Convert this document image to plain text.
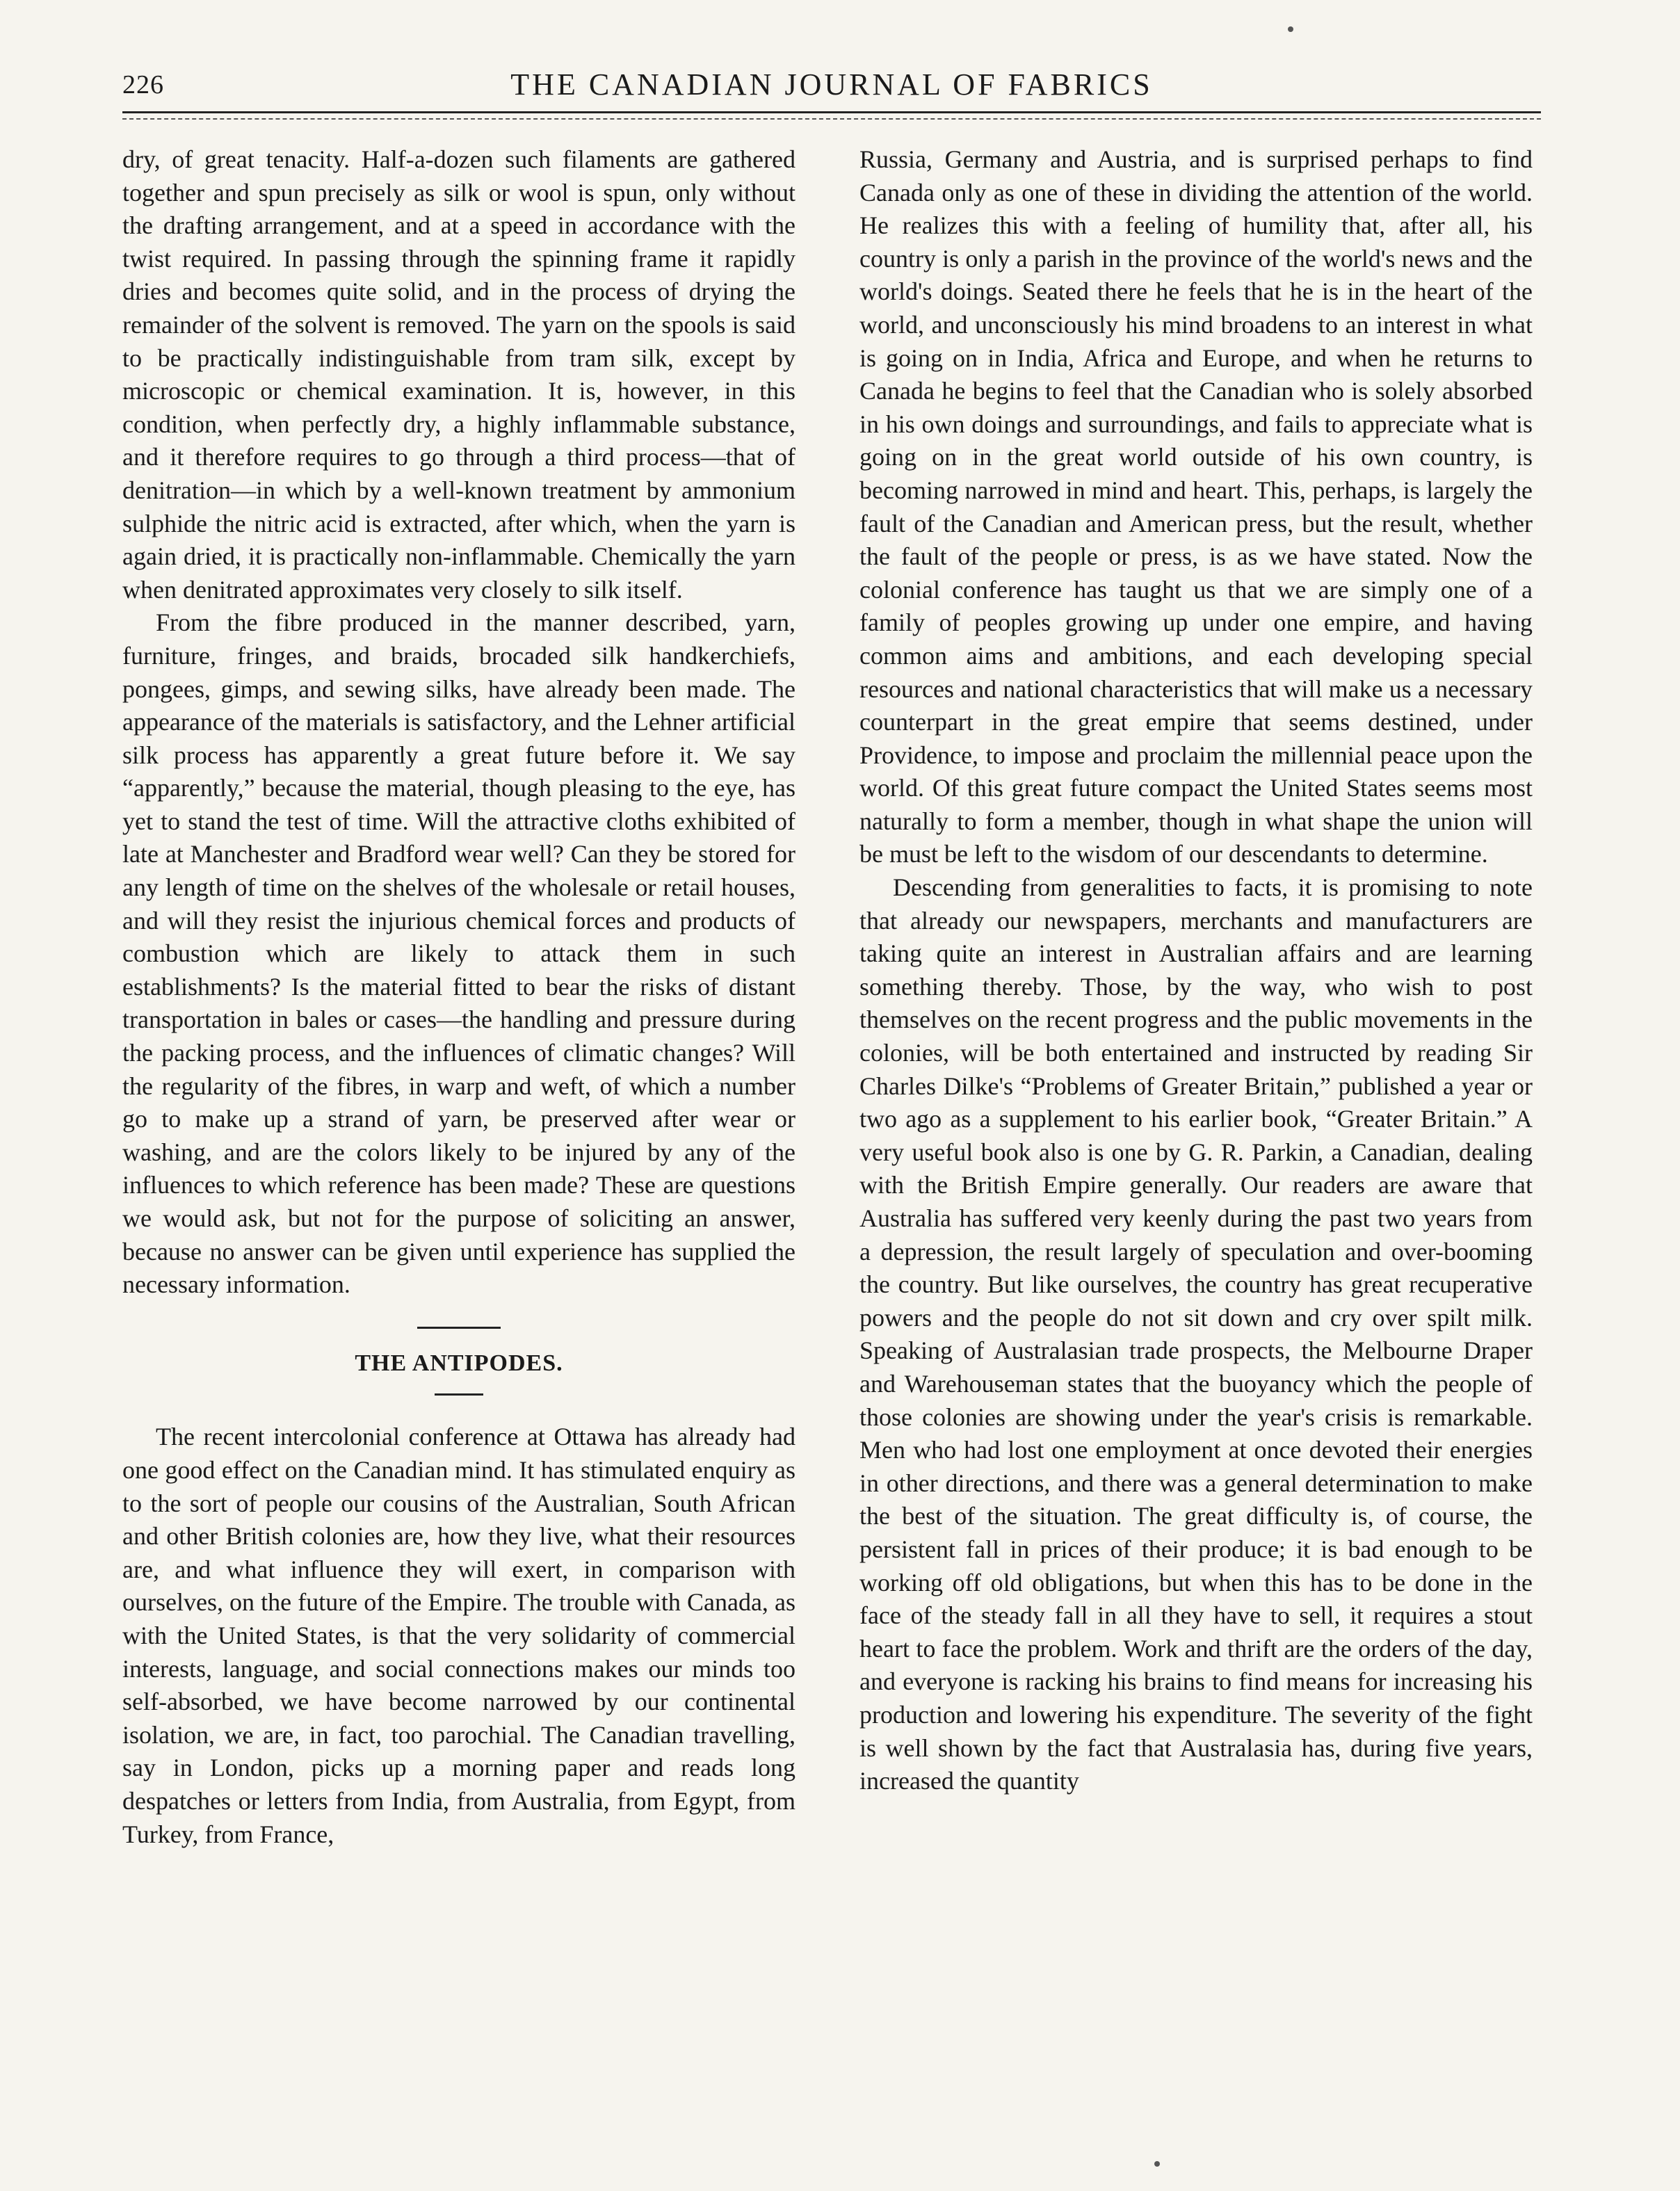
226	THE CANADIAN JOURNAL OF FABRICS

dry, of great tenacity. Half-a-dozen such filaments are gathered together and spun precisely as silk or wool is spun, only without the drafting arrangement, and at a speed in accordance with the twist required. In passing through the spinning frame it rapidly dries and becomes quite solid, and in the process of drying the remainder of the solvent is removed. The yarn on the spools is said to be practically indistinguishable from tram silk, except by microscopic or chemical examination. It is, however, in this condition, when perfectly dry, a highly inflammable substance, and it therefore requires to go through a third process—that of denitration—in which by a well-known treatment by ammonium sulphide the nitric acid is extracted, after which, when the yarn is again dried, it is practically non-inflammable. Chemically the yarn when denitrated approximates very closely to silk itself.

From the fibre produced in the manner described, yarn, furniture, fringes, and braids, brocaded silk handkerchiefs, pongees, gimps, and sewing silks, have already been made. The appearance of the materials is satisfactory, and the Lehner artificial silk process has apparently a great future before it. We say “apparently,” because the material, though pleasing to the eye, has yet to stand the test of time. Will the attractive cloths exhibited of late at Manchester and Bradford wear well? Can they be stored for any length of time on the shelves of the wholesale or retail houses, and will they resist the injurious chemical forces and products of combustion which are likely to attack them in such establishments? Is the material fitted to bear the risks of distant transportation in bales or cases—the handling and pressure during the packing process, and the influences of climatic changes? Will the regularity of the fibres, in warp and weft, of which a number go to make up a strand of yarn, be preserved after wear or washing, and are the colors likely to be injured by any of the influences to which reference has been made? These are questions we would ask, but not for the purpose of soliciting an answer, because no answer can be given until experience has supplied the necessary information.

THE ANTIPODES.

The recent intercolonial conference at Ottawa has already had one good effect on the Canadian mind. It has stimulated enquiry as to the sort of people our cousins of the Australian, South African and other British colonies are, how they live, what their resources are, and what influence they will exert, in comparison with ourselves, on the future of the Empire. The trouble with Canada, as with the United States, is that the very solidarity of commercial interests, language, and social connections makes our minds too self-absorbed, we have become narrowed by our continental isolation, we are, in fact, too parochial. The Canadian travelling, say in London, picks up a morning paper and reads long despatches or letters from India, from Australia, from Egypt, from Turkey, from France,

Russia, Germany and Austria, and is surprised perhaps to find Canada only as one of these in dividing the attention of the world. He realizes this with a feeling of humility that, after all, his country is only a parish in the province of the world's news and the world's doings. Seated there he feels that he is in the heart of the world, and unconsciously his mind broadens to an interest in what is going on in India, Africa and Europe, and when he returns to Canada he begins to feel that the Canadian who is solely absorbed in his own doings and surroundings, and fails to appreciate what is going on in the great world outside of his own country, is becoming narrowed in mind and heart. This, perhaps, is largely the fault of the Canadian and American press, but the result, whether the fault of the people or press, is as we have stated. Now the colonial conference has taught us that we are simply one of a family of peoples growing up under one empire, and having common aims and ambitions, and each developing special resources and national characteristics that will make us a necessary counterpart in the great empire that seems destined, under Providence, to impose and proclaim the millennial peace upon the world. Of this great future compact the United States seems most naturally to form a member, though in what shape the union will be must be left to the wisdom of our descendants to determine.

Descending from generalities to facts, it is promising to note that already our newspapers, merchants and manufacturers are taking quite an interest in Australian affairs and are learning something thereby. Those, by the way, who wish to post themselves on the recent progress and the public movements in the colonies, will be both entertained and instructed by reading Sir Charles Dilke's “Problems of Greater Britain,” published a year or two ago as a supplement to his earlier book, “Greater Britain.” A very useful book also is one by G. R. Parkin, a Canadian, dealing with the British Empire generally. Our readers are aware that Australia has suffered very keenly during the past two years from a depression, the result largely of speculation and over-booming the country. But like ourselves, the country has great recuperative powers and the people do not sit down and cry over spilt milk. Speaking of Australasian trade prospects, the Melbourne Draper and Warehouseman states that the buoyancy which the people of those colonies are showing under the year's crisis is remarkable. Men who had lost one employment at once devoted their energies in other directions, and there was a general determination to make the best of the situation. The great difficulty is, of course, the persistent fall in prices of their produce; it is bad enough to be working off old obligations, but when this has to be done in the face of the steady fall in all they have to sell, it requires a stout heart to face the problem. Work and thrift are the orders of the day, and everyone is racking his brains to find means for increasing his production and lowering his expenditure. The severity of the fight is well shown by the fact that Australasia has, during five years, increased the quantity
